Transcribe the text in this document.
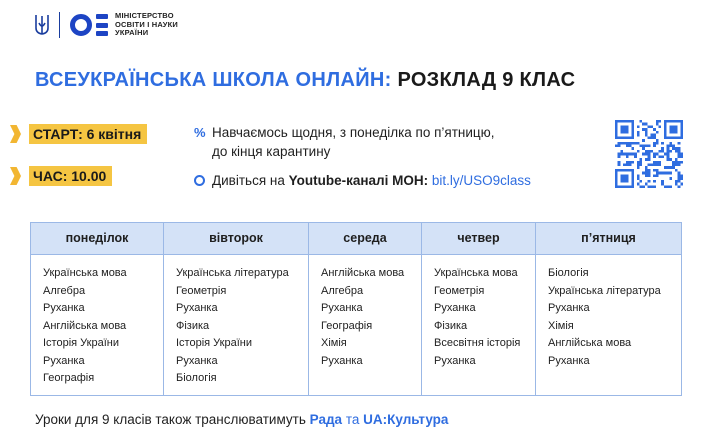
МІНІСТЕРСТВО
ОСВІТИ І НАУКИ
УКРАЇНИ
ВСЕУКРАЇНСЬКА ШКОЛА ОНЛАЙН: РОЗКЛАД 9 КЛАС
СТАРТ: 6 квітня
ЧАС: 10.00
% Навчаємось щодня, з понеділка по п’ятницю,
до кінця карантину
Дивіться на Youtube-каналі МОН: bit.ly/USO9class
понеділок
Українська мова
Алгебра
Руханка
Англійська мова
Історія України
Руханка
Географія
вівторок
Українська література
Геометрія
Руханка
Фізика
Історія України
Руханка
Біологія
середа
Англійська мова
Алгебра
Руханка
Географія
Хімія
Руханка
четвер
Українська мова
Геометрія
Руханка
Фізика
Всесвітня історія
Руханка
п’ятниця
Біологія
Українська література
Руханка
Хімія
Англійська мова
Руханка
Уроки для 9 класів також транслюватимуть Рада та UA:Культура
